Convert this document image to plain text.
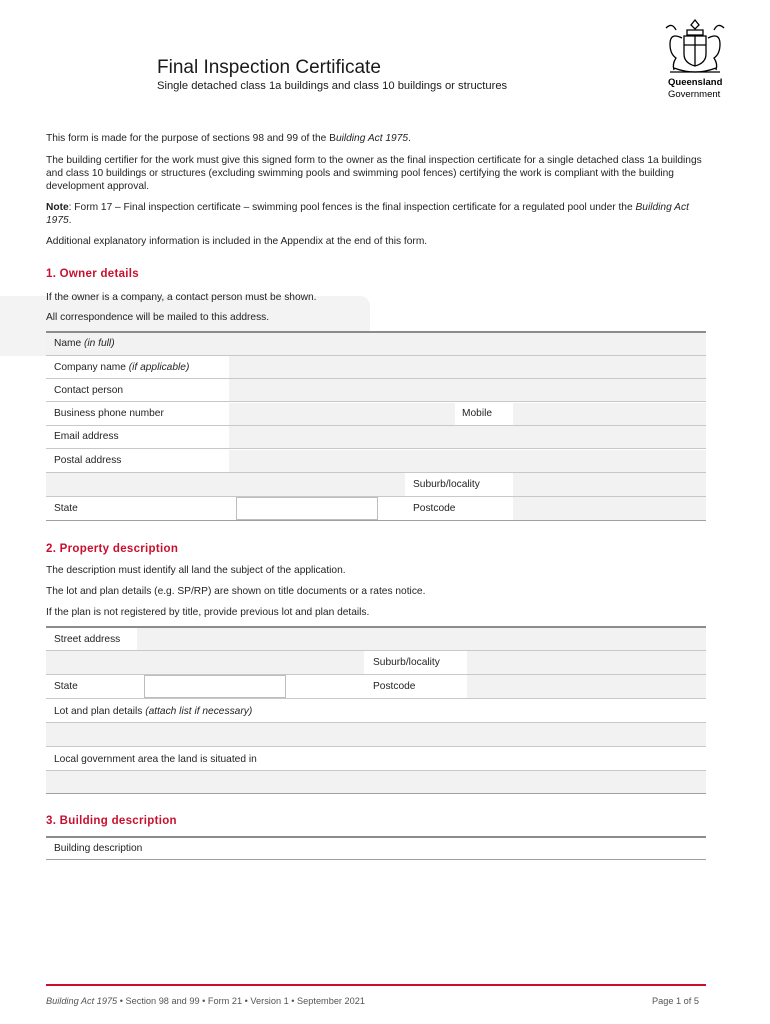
Final Inspection Certificate
Single detached class 1a buildings and class 10 buildings or structures	Queensland
Government
This form is made for the purpose of sections 98 and 99 of the Building Act 1975.
The building certifier for the work must give this signed form to the owner as the final inspection certificate for a single detached class 1a buildings and class 10 buildings or structures (excluding swimming pools and swimming pool fences) certifying the work is compliant with the building development approval.
Note: Form 17 – Final inspection certificate – swimming pool fences is the final inspection certificate for a regulated pool under the Building Act 1975.
Additional explanatory information is included in the Appendix at the end of this form.
1. Owner details
If the owner is a company, a contact person must be shown.
All correspondence will be mailed to this address.
Name (in full)
Company name (if applicable)
Contact person
Business phone number	Mobile
Email address
Postal address
Suburb/locality
State	Postcode
2. Property description
The description must identify all land the subject of the application.
The lot and plan details (e.g. SP/RP) are shown on title documents or a rates notice.
If the plan is not registered by title, provide previous lot and plan details.
Street address
Suburb/locality
State	Postcode
Lot and plan details (attach list if necessary)
Local government area the land is situated in
3. Building description
Building description
Building Act 1975 • Section 98 and 99 • Form 21 • Version 1 • September 2021	Page 1 of 5
